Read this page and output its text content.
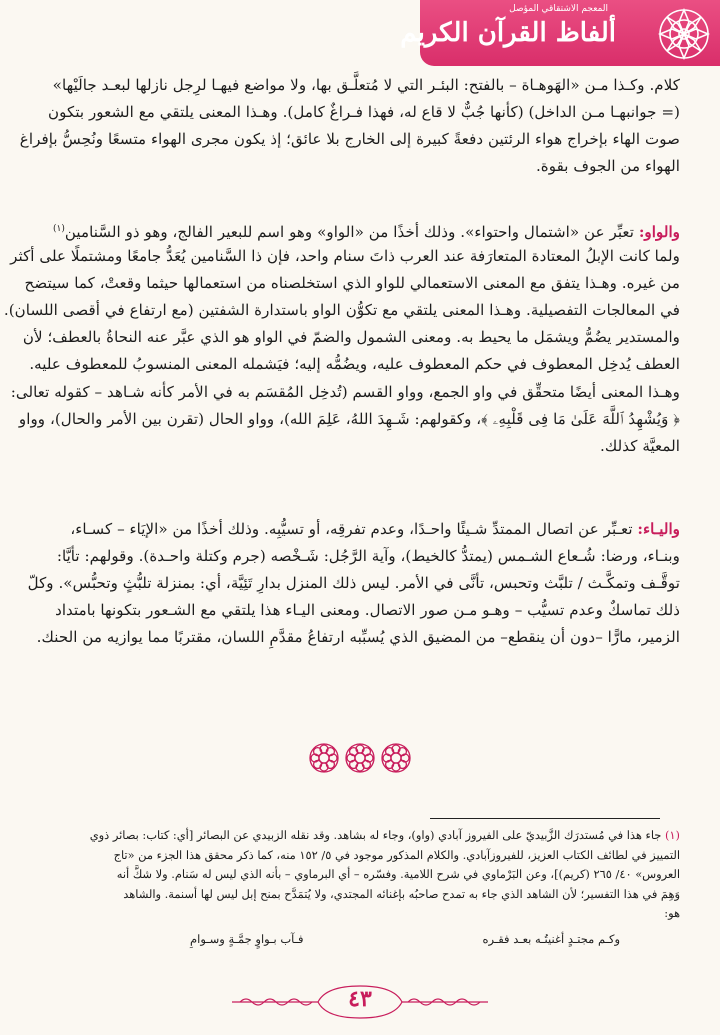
المعجم الاشتقاقي المؤصل
ألفاظ القرآن الكريم
كلام. وكـذا مـن «الهَوهـاة – بالفتح: البئـر التي لا مُتعلَّـق بها، ولا مواضع فيهـا لرِجل نازلها لبعـد جالَيْها»
(= جوانبهـا مـن الداخل) (كأنها جُبٌّ لا قاع له، فهذا فـراغٌ كامل). وهـذا المعنى يلتقي مع الشعور بتكون
صوت الهاء بإخراج هواء الرئتين دفعةً كبيرة إلى الخارج بلا عائق؛ إذ يكون مجرى الهواء متسعًا ونُحِسُّ بإفراغ
الهواء من الجوف بقوة.
والواو: تعبِّر عن «اشتمال واحتواء». وذلك أخذًا من «الواو» وهو اسم للبعير الفالج، وهو ذو السَّنامين$^{(١)}$
ولما كانت الإبلُ المعتادة المتعارَفة عند العرب ذاتَ سنام واحد، فإن ذا السَّنامين يُعَدُّ جامعًا ومشتملًا على أكثر
من غيره. وهـذا يتفق مع المعنى الاستعمالي للواو الذي استخلصناه من استعمالها حيثما وقعتْ، كما سيتضح
في المعالجات التفصيلية. وهـذا المعنى يلتقي مع تكوُّن الواو باستدارة الشفتين (مع ارتفاع في أقصى اللسان).
والمستدير يضُمُّ ويشمَل ما يحيط به. ومعنى الشمول والضمّ في الواو هو الذي عبَّر عنه النحاةُ بالعطف؛ لأن
العطف يُدخِل المعطوف في حكم المعطوف عليه، ويضُمُّه إليه؛ فيَشمله المعنى المنسوبُ للمعطوف عليه.
وهـذا المعنى أيضًا متحقِّق في واو الجمع، وواو القسم (تُدخِل المُقسَم به في الأمر كأنه شـاهد – كقوله تعالى:
﴿ وَيُشْهِدُ ٱللَّهَ عَلَىٰ مَا فِى قَلْبِهِۦ ﴾، وكقولهم: شَـهِدَ اللهُ، عَلِمَ الله)، وواو الحال (تقرن بين الأمر والحال)، وواو
المعيَّة كذلك.
واليـاء: تعـبِّر عن اتصال الممتدِّ شـيئًا واحـدًا، وعدم تفرقِه، أو تسيُّبِه. وذلك أخذًا من «الإيَاء – كسـاء،
وبنـاء، ورضا: شُـعاع الشـمس (يمتدُّ كالخيط)، وآية الرَّجُل: شَـخْصه (جرم وكتلة واحـدة). وقولهم: تأيَّا:
توقَّـف وتمكَّـث / تلبَّث وتحبس، تأنَّى في الأمر. ليس ذلك المنزل بدارِ تَئِيَّة، أي: بمنزلة تلبُّثٍ وتحبُّس». وكلّ
ذلك تماسكٌ وعدم تسيُّب – وهـو مـن صور الاتصال. ومعنى اليـاء هذا يلتقي مع الشـعور بتكونها بامتداد
الزمير، مارًّا –دون أن ينقطع– من المضيق الذي يُسبِّبه ارتفاعُ مقدَّمِ اللسان، مقتربًا مما يوازيه من الحنك.
(١) جاء هذا في مُستدرَك الزَّبيديّ على الفيروز آبادي (واو)، وجاء له بشاهد. وقد نقله الزبيدي عن البصائر [أي: كتاب: بصائر ذوي
التمييز في لطائف الكتاب العزيز، للفيروزآبادي. والكلام المذكور موجود في ٥/ ١٥٢ منه، كما ذكر محقق هذا الجزء من «تاج
العروس» ٤٠/ ٢٦٥ (كريم)]، وعن البَرْماوي في شرح اللامية. وفسّره – أي البرماوي – بأنه الذي ليس له سَنام. ولا شكَّ أنه
وَهِمَ في هذا التفسير؛ لأن الشاهد الذي جاء به تمدح صاحبُه بإغنائه المجتدي، ولا يُتمَدَّح بمنح إبل ليس لها أسنمة. والشاهد
هو:
وكـم مجتـدٍ أغنيتُـه بعـد فقـره
فـآب بـواوٍ جمَّـةٍ وسـوامِ
٤٣
